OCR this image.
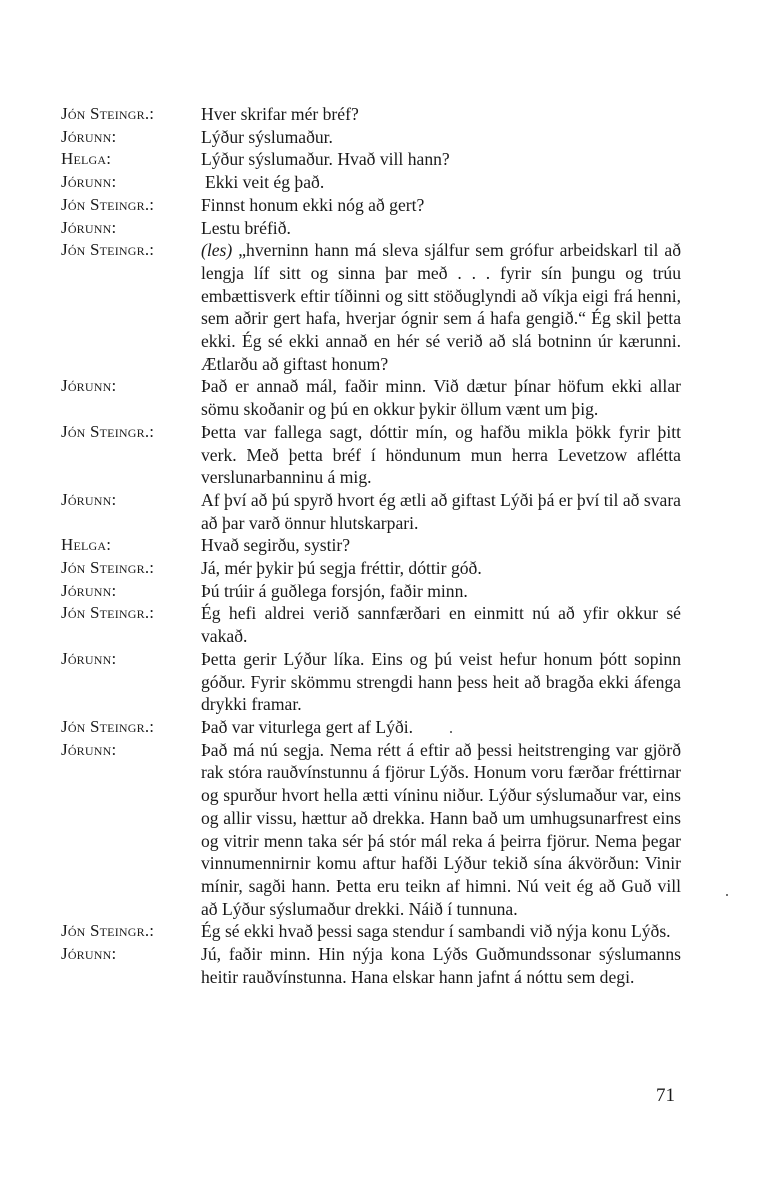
Jón Steingr.:	Hver skrifar mér bréf?
Jórunn:	Lýður sýslumaður.
Helga:	Lýður sýslumaður. Hvað vill hann?
Jórunn:	Ekki veit ég það.
Jón Steingr.:	Finnst honum ekki nóg að gert?
Jórunn:	Lestu bréfið.
Jón Steingr.:	(les) „hverninn hann má sleva sjálfur sem grófur arbeidskarl til að lengja líf sitt og sinna þar með . . . fyrir sín þungu og trúu embættisverk eftir tíðinni og sitt stöðuglyndi að víkja eigi frá henni, sem aðrir gert hafa, hverjar ógnir sem á hafa gengið.“ Ég skil þetta ekki. Ég sé ekki annað en hér sé verið að slá botninn úr kærunni. Ætlarðu að giftast honum?
Jórunn:	Það er annað mál, faðir minn. Við dætur þínar höfum ekki allar sömu skoðanir og þú en okkur þykir öllum vænt um þig.
Jón Steingr.:	Þetta var fallega sagt, dóttir mín, og hafðu mikla þökk fyrir þitt verk. Með þetta bréf í höndunum mun herra Levetzow aflétta verslunarbanninu á mig.
Jórunn:	Af því að þú spyrð hvort ég ætli að giftast Lýði þá er því til að svara að þar varð önnur hlutskarpari.
Helga:	Hvað segirðu, systir?
Jón Steingr.:	Já, mér þykir þú segja fréttir, dóttir góð.
Jórunn:	Þú trúir á guðlega forsjón, faðir minn.
Jón Steingr.:	Ég hefi aldrei verið sannfærðari en einmitt nú að yfir okkur sé vakað.
Jórunn:	Þetta gerir Lýður líka. Eins og þú veist hefur honum þótt sopinn góður. Fyrir skömmu strengdi hann þess heit að bragða ekki áfenga drykki framar.
Jón Steingr.:	Það var viturlega gert af Lýði.
Jórunn:	Það má nú segja. Nema rétt á eftir að þessi heitstrenging var gjörð rak stóra rauðvínstunnu á fjörur Lýðs. Honum voru færðar fréttirnar og spurður hvort hella ætti víninu niður. Lýður sýslumaður var, eins og allir vissu, hættur að drekka. Hann bað um umhugsunarfrest eins og vitrir menn taka sér þá stór mál reka á þeirra fjörur. Nema þegar vinnumennirnir komu aftur hafði Lýður tekið sína ákvörðun: Vinir mínir, sagði hann. Þetta eru teikn af himni. Nú veit ég að Guð vill að Lýður sýslumaður drekki. Náið í tunnuna.
Jón Steingr.:	Ég sé ekki hvað þessi saga stendur í sambandi við nýja konu Lýðs.
Jórunn:	Jú, faðir minn. Hin nýja kona Lýðs Guðmundssonar sýslumanns heitir rauðvínstunna. Hana elskar hann jafnt á nóttu sem degi.
71
